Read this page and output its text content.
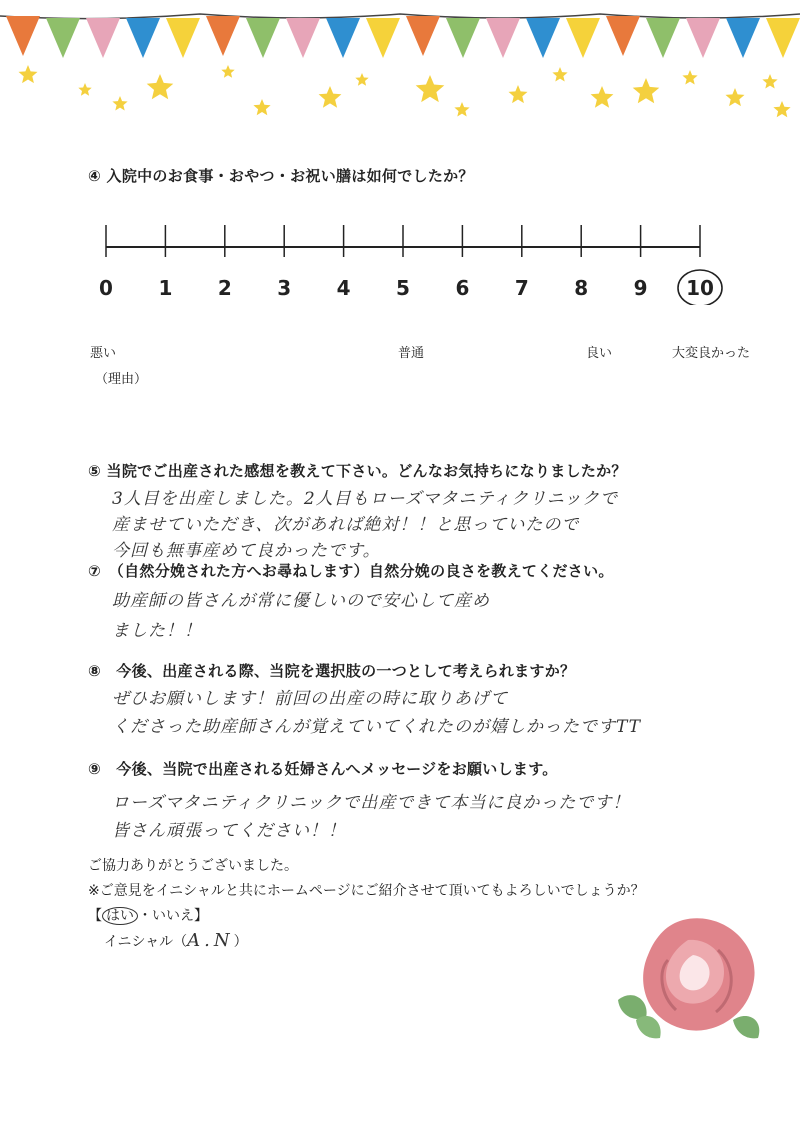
④ 入院中のお食事・おやつ・お祝い膳は如何でしたか？
0 1 2 3 4 5 6 7 8 9 10
悪い	普通	良い	大変良かった
（理由）
⑤ 当院でご出産された感想を教えて下さい。どんなお気持ちになりましたか？
3人目を出産しました。2人目もローズマタニティクリニックで
産ませていただき、次があれば絶対！！と思っていたので
今回も無事産めて良かったです。
⑦　（自然分娩された方へお尋ねします）自然分娩の良さを教えてください。
助産師の皆さんが常に優しいので安心して産め
ました！！
⑧　今後、出産される際、当院を選択肢の一つとして考えられますか？
ぜひお願いします！前回の出産の時に取りあげて
くださった助産師さんが覚えていてくれたのが嬉しかったですTT
⑨　今後、当院で出産される妊婦さんへメッセージをお願いします。
ローズマタニティクリニックで出産できて本当に良かったです！
皆さん頑張ってください！！
ご協力ありがとうございました。
※ご意見をイニシャルと共にホームページにご紹介させて頂いてもよろしいでしょうか？
【 はい ・いいえ】
イニシャル（A.N）
